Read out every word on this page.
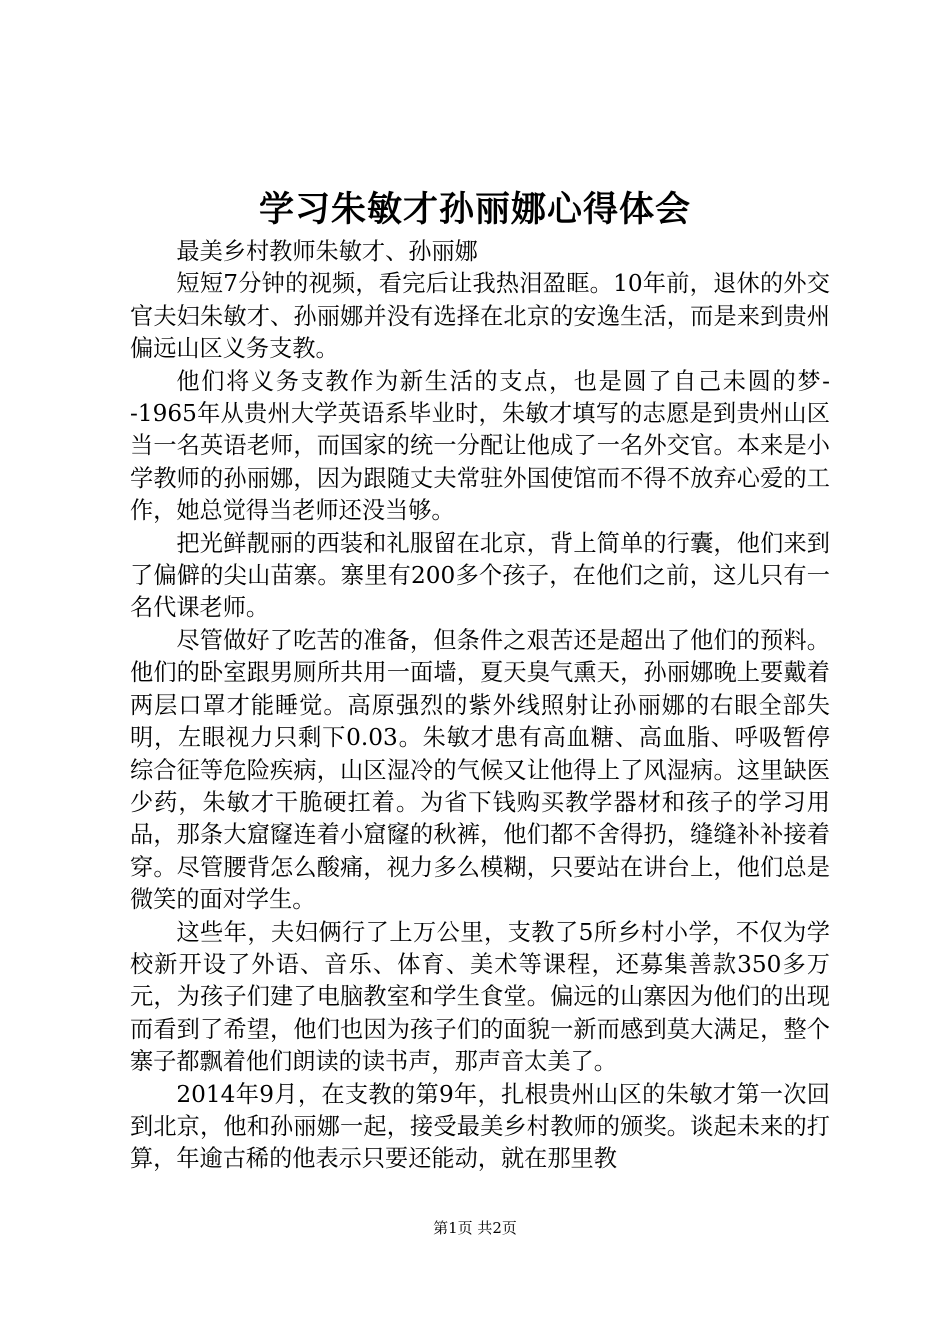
学习朱敏才孙丽娜心得体会

最美乡村教师朱敏才、孙丽娜

短短7分钟的视频，看完后让我热泪盈眶。10年前，退休的外交官夫妇朱敏才、孙丽娜并没有选择在北京的安逸生活，而是来到贵州偏远山区义务支教。

他们将义务支教作为新生活的支点，也是圆了自己未圆的梦--1965年从贵州大学英语系毕业时，朱敏才填写的志愿是到贵州山区当一名英语老师，而国家的统一分配让他成了一名外交官。本来是小学教师的孙丽娜，因为跟随丈夫常驻外国使馆而不得不放弃心爱的工作，她总觉得当老师还没当够。

把光鲜靓丽的西装和礼服留在北京，背上简单的行囊，他们来到了偏僻的尖山苗寨。寨里有200多个孩子，在他们之前，这儿只有一名代课老师。

尽管做好了吃苦的准备，但条件之艰苦还是超出了他们的预料。他们的卧室跟男厕所共用一面墙，夏天臭气熏天，孙丽娜晚上要戴着两层口罩才能睡觉。高原强烈的紫外线照射让孙丽娜的右眼全部失明，左眼视力只剩下0.03。朱敏才患有高血糖、高血脂、呼吸暂停综合征等危险疾病，山区湿冷的气候又让他得上了风湿病。这里缺医少药，朱敏才干脆硬扛着。为省下钱购买教学器材和孩子的学习用品，那条大窟窿连着小窟窿的秋裤，他们都不舍得扔，缝缝补补接着穿。尽管腰背怎么酸痛，视力多么模糊，只要站在讲台上，他们总是微笑的面对学生。

这些年，夫妇俩行了上万公里，支教了5所乡村小学，不仅为学校新开设了外语、音乐、体育、美术等课程，还募集善款350多万元，为孩子们建了电脑教室和学生食堂。偏远的山寨因为他们的出现而看到了希望，他们也因为孩子们的面貌一新而感到莫大满足，整个寨子都飘着他们朗读的读书声，那声音太美了。

2014年9月，在支教的第9年，扎根贵州山区的朱敏才第一次回到北京，他和孙丽娜一起，接受最美乡村教师的颁奖。谈起未来的打算，年逾古稀的他表示只要还能动，就在那里教

第1页 共2页
